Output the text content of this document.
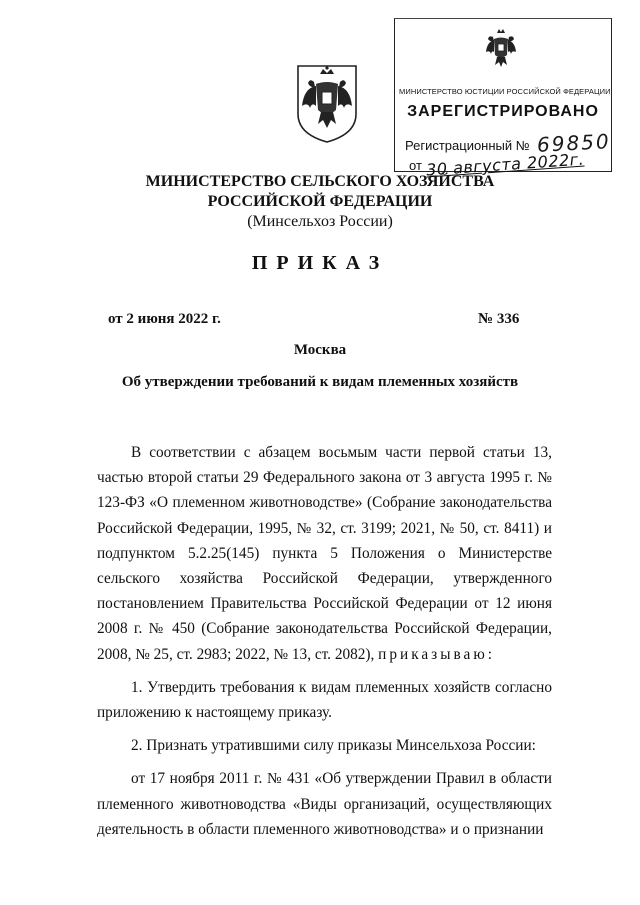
МИНИСТЕРСТВО ЮСТИЦИИ РОССИЙСКОЙ ФЕДЕРАЦИИ
ЗАРЕГИСТРИРОВАНО
Регистрационный № 69850
от 30 августа 2022г.
МИНИСТЕРСТВО СЕЛЬСКОГО ХОЗЯЙСТВА
РОССИЙСКОЙ ФЕДЕРАЦИИ
(Минсельхоз России)
ПРИКАЗ
от 2 июня 2022 г.	№ 336
Москва
Об утверждении требований к видам племенных хозяйств

В соответствии с абзацем восьмым части первой статьи 13, частью второй статьи 29 Федерального закона от 3 августа 1995 г. № 123-ФЗ «О племенном животноводстве» (Собрание законодательства Российской Федерации, 1995, № 32, ст. 3199; 2021, № 50, ст. 8411) и подпунктом 5.2.25(145) пункта 5 Положения о Министерстве сельского хозяйства Российской Федерации, утвержденного постановлением Правительства Российской Федерации от 12 июня 2008 г. № 450 (Собрание законодательства Российской Федерации, 2008, № 25, ст. 2983; 2022, № 13, ст. 2082), приказываю:

1. Утвердить требования к видам племенных хозяйств согласно приложению к настоящему приказу.

2. Признать утратившими силу приказы Минсельхоза России:

от 17 ноября 2011 г. № 431 «Об утверждении Правил в области племенного животноводства «Виды организаций, осуществляющих деятельность в области племенного животноводства» и о признании
